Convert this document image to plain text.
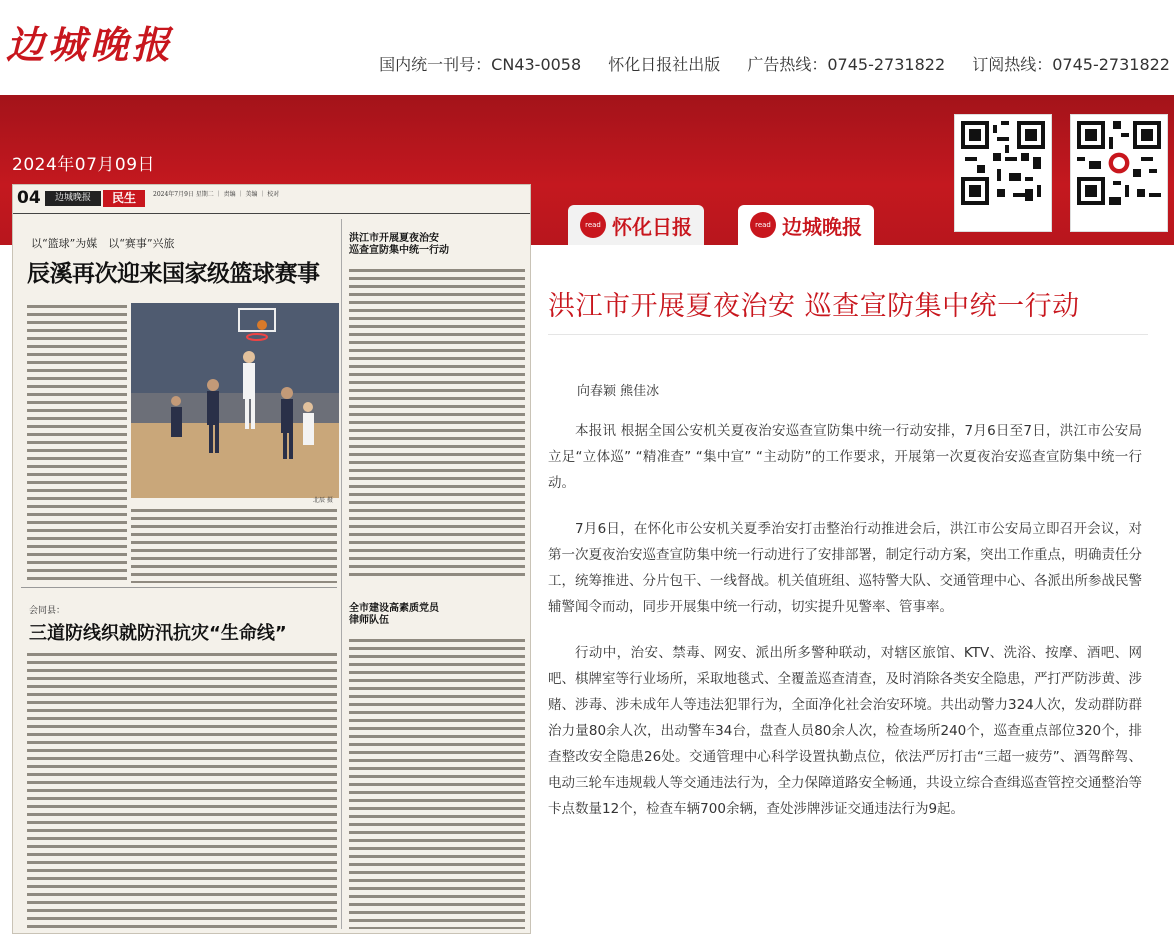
边城晚报	国内统一刊号：CN43-0058 怀化日报社出版 广告热线：0745-2731822 订阅热线：0745-2731822
2024年07月09日
read 怀化日报	read 边城晚报
04	边城晚报	民生	2024年7月9日 星期二 ｜ 责编 ｜ 美编 ｜ 校对
以“篮球”为媒　以“赛事”兴旅
辰溪再次迎来国家级篮球赛事
北辰 摄
洪江市开展夏夜治安
巡查宣防集中统一行动
会同县：
三道防线织就防汛抗灾“生命线”
全市建设高素质党员
律师队伍
洪江市开展夏夜治安 巡查宣防集中统一行动
向春颖 熊佳冰

本报讯 根据全国公安机关夏夜治安巡查宣防集中统一行动安排，7月6日至7日，洪江市公安局立足“立体巡” “精准查” “集中宣” “主动防”的工作要求，开展第一次夏夜治安巡查宣防集中统一行动。

7月6日，在怀化市公安机关夏季治安打击整治行动推进会后，洪江市公安局立即召开会议，对第一次夏夜治安巡查宣防集中统一行动进行了安排部署，制定行动方案，突出工作重点，明确责任分工，统筹推进、分片包干、一线督战。机关值班组、巡特警大队、交通管理中心、各派出所参战民警辅警闻令而动，同步开展集中统一行动，切实提升见警率、管事率。

行动中，治安、禁毒、网安、派出所多警种联动，对辖区旅馆、KTV、洗浴、按摩、酒吧、网吧、棋牌室等行业场所，采取地毯式、全覆盖巡查清查，及时消除各类安全隐患，严打严防涉黄、涉赌、涉毒、涉未成年人等违法犯罪行为，全面净化社会治安环境。共出动警力324人次，发动群防群治力量80余人次，出动警车34台，盘查人员80余人次，检查场所240个，巡查重点部位320个，排查整改安全隐患26处。交通管理中心科学设置执勤点位，依法严厉打击“三超一疲劳”、酒驾醉驾、电动三轮车违规载人等交通违法行为，全力保障道路安全畅通，共设立综合查缉巡查管控交通整治等卡点数量12个，检查车辆700余辆，查处涉牌涉证交通违法行为9起。
